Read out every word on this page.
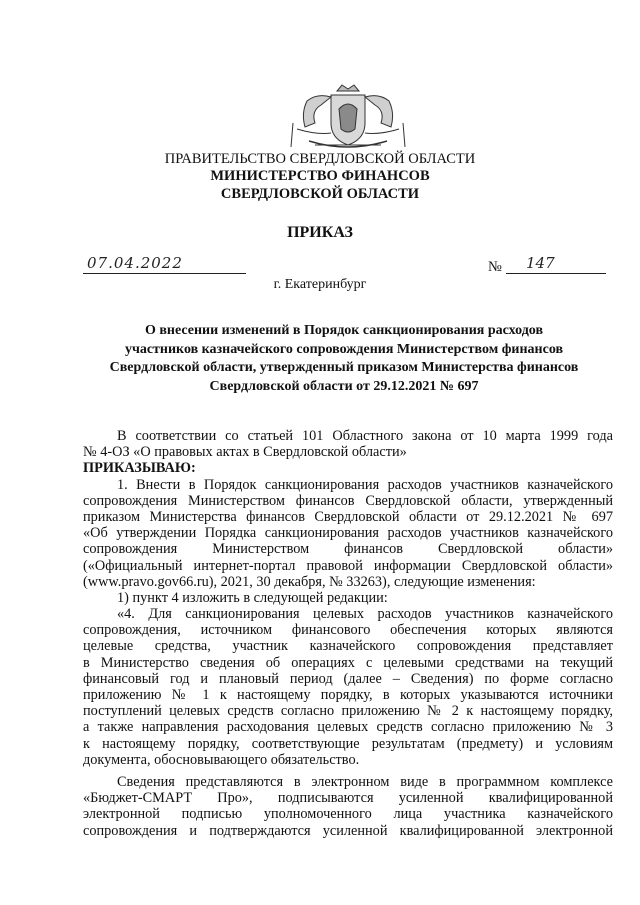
ПРАВИТЕЛЬСТВО СВЕРДЛОВСКОЙ ОБЛАСТИ
МИНИСТЕРСТВО ФИНАНСОВ
СВЕРДЛОВСКОЙ ОБЛАСТИ
ПРИКАЗ
07.04.2022	№ 147
г. Екатеринбург
О внесении изменений в Порядок санкционирования расходов
участников казначейского сопровождения Министерством финансов
Свердловской области, утвержденный приказом Министерства финансов
Свердловской области от 29.12.2021 № 697
В соответствии со статьей 101 Областного закона от 10 марта 1999 года
№ 4-ОЗ «О правовых актах в Свердловской области»
ПРИКАЗЫВАЮ:
1. Внести в Порядок санкционирования расходов участников казначейского
сопровождения Министерством финансов Свердловской области, утвержденный
приказом Министерства финансов Свердловской области от 29.12.2021 № 697
«Об утверждении Порядка санкционирования расходов участников казначейского
сопровождения Министерством финансов Свердловской области»
(«Официальный интернет-портал правовой информации Свердловской области»
(www.pravo.gov66.ru), 2021, 30 декабря, № 33263), следующие изменения:
1) пункт 4 изложить в следующей редакции:
«4. Для санкционирования целевых расходов участников казначейского
сопровождения, источником финансового обеспечения которых являются
целевые средства, участник казначейского сопровождения представляет
в Министерство сведения об операциях с целевыми средствами на текущий
финансовый год и плановый период (далее – Сведения) по форме согласно
приложению № 1 к настоящему порядку, в которых указываются источники
поступлений целевых средств согласно приложению № 2 к настоящему порядку,
а также направления расходования целевых средств согласно приложению № 3
к настоящему порядку, соответствующие результатам (предмету) и условиям
документа, обосновывающего обязательство.
Сведения представляются в электронном виде в программном комплексе
«Бюджет-СМАРТ Про», подписываются усиленной квалифицированной
электронной подписью уполномоченного лица участника казначейского
сопровождения и подтверждаются усиленной квалифицированной электронной
